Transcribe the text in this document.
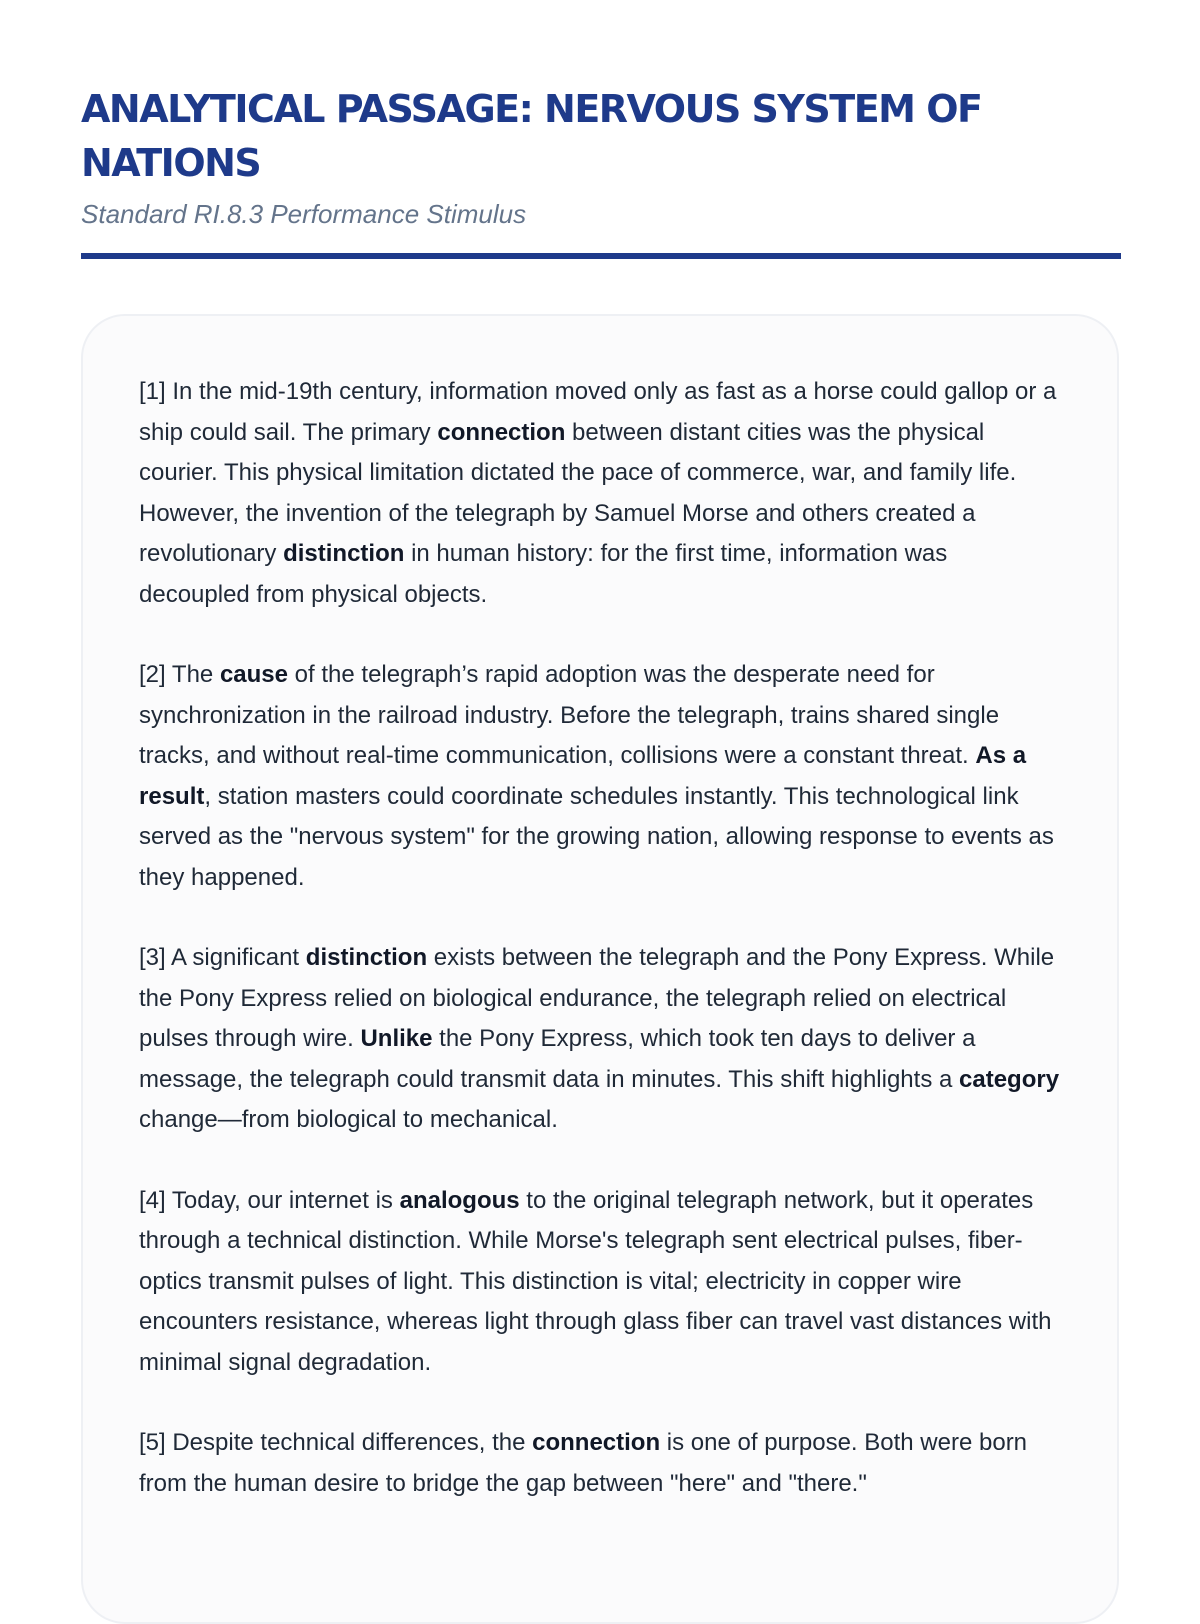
ANALYTICAL PASSAGE: NERVOUS SYSTEM OF NATIONS

Standard RI.8.3 Performance Stimulus

[1] In the mid-19th century, information moved only as fast as a horse could gallop or a ship could sail. The primary connection between distant cities was the physical courier. This physical limitation dictated the pace of commerce, war, and family life. However, the invention of the telegraph by Samuel Morse and others created a revolutionary distinction in human history: for the first time, information was decoupled from physical objects.

[2] The cause of the telegraph’s rapid adoption was the desperate need for synchronization in the railroad industry. Before the telegraph, trains shared single tracks, and without real-time communication, collisions were a constant threat. As a result, station masters could coordinate schedules instantly. This technological link served as the "nervous system" for the growing nation, allowing response to events as they happened.

[3] A significant distinction exists between the telegraph and the Pony Express. While the Pony Express relied on biological endurance, the telegraph relied on electrical pulses through wire. Unlike the Pony Express, which took ten days to deliver a message, the telegraph could transmit data in minutes. This shift highlights a category change—from biological to mechanical.

[4] Today, our internet is analogous to the original telegraph network, but it operates through a technical distinction. While Morse's telegraph sent electrical pulses, fiber-optics transmit pulses of light. This distinction is vital; electricity in copper wire encounters resistance, whereas light through glass fiber can travel vast distances with minimal signal degradation.

[5] Despite technical differences, the connection is one of purpose. Both were born from the human desire to bridge the gap between "here" and "there."
